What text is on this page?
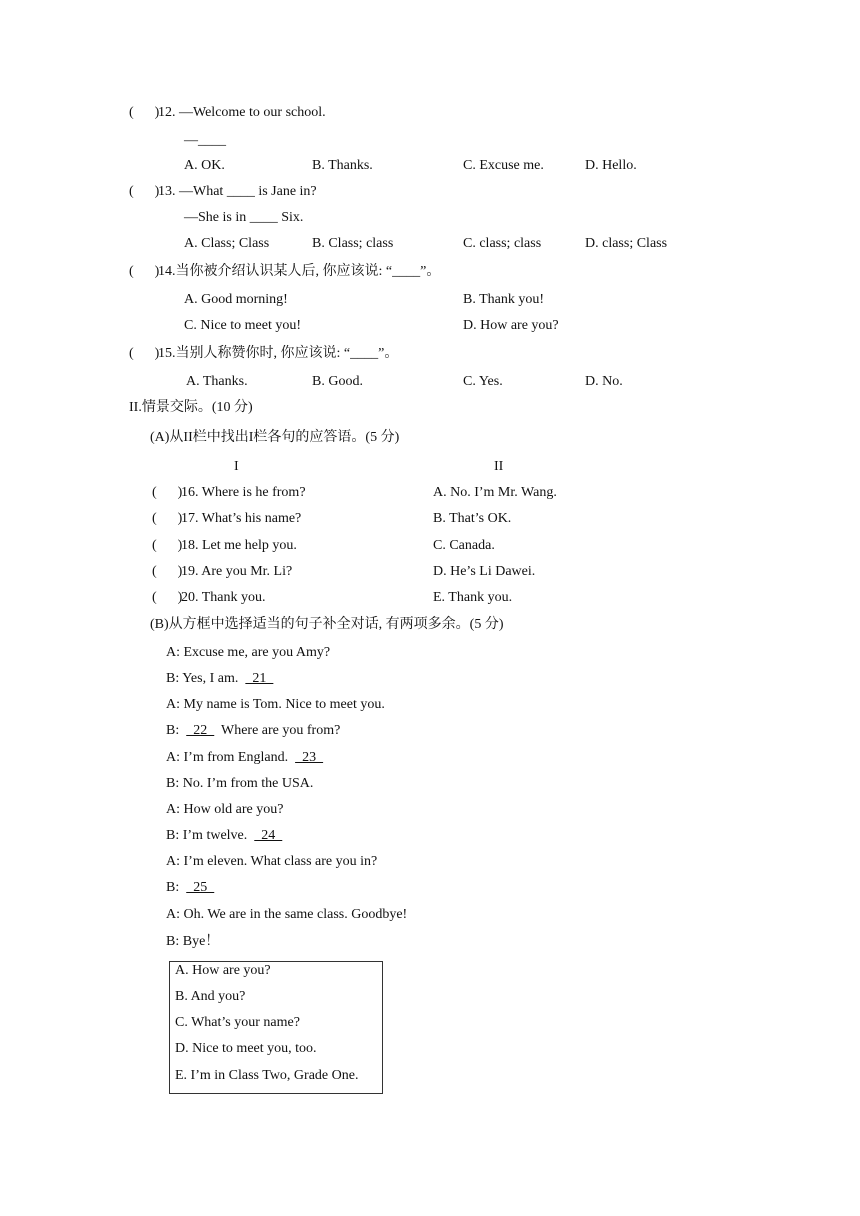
(      )
12. —Welcome to our school.
—____
A. OK.	B. Thanks.	C. Excuse me.	D. Hello.
(      )
13. —What ____ is Jane in?
—She is in ____ Six.
A. Class; Class	B. Class; class	C. class; class	D. class; Class
(      )
14.当你被介绍认识某人后, 你应该说: “____”。
A. Good morning!	B. Thank you!
C. Nice to meet you!	D. How are you?
(      )
15.当别人称赞你时, 你应该说: “____”。
A. Thanks.	B. Good.	C. Yes.	D. No.
II.情景交际。(10 分)
(A)从II栏中找出I栏各句的应答语。(5 分)
I	II
(      )
16. Where is he from?	A. No. I’m Mr. Wang.
(      )
17. What’s his name?	B. That’s OK.
(      )
18. Let me help you.	C. Canada.
(      )
19. Are you Mr. Li?	D. He’s Li Dawei.
(      )
20. Thank you.	E. Thank you.
(B)从方框中选择适当的句子补全对话, 有两项多余。(5 分)
A: Excuse me, are you Amy?
B: Yes, I am.    21
A: My name is Tom. Nice to meet you.
B:    22    Where are you from?
A: I’m from England.    23
B: No. I’m from the USA.
A: How old are you?
B: I’m twelve.    24
A: I’m eleven. What class are you in?
B:    25
A: Oh. We are in the same class. Goodbye!
B: Bye！
A. How are you?
B. And you?
C. What’s your name?
D. Nice to meet you, too.
E. I’m in Class Two, Grade One.
